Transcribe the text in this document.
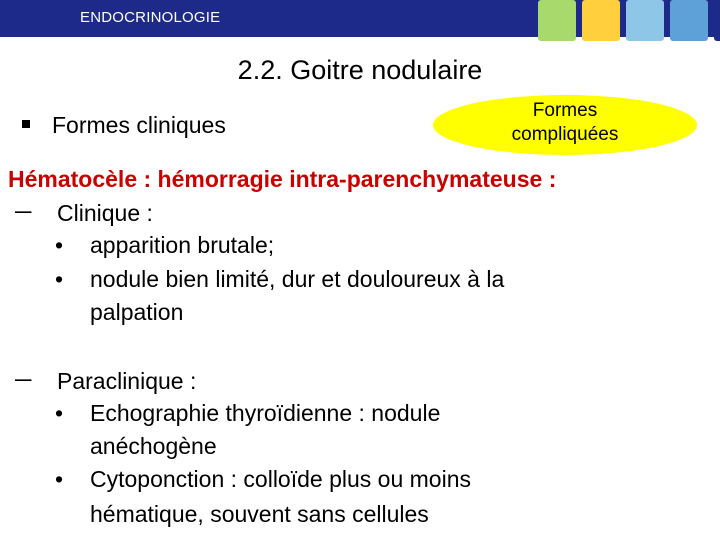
ENDOCRINOLOGIE
2.2. Goitre nodulaire
Formes cliniques
Formes
compliquées
Hématocèle : hémorragie intra-parenchymateuse :
─ Clinique :
• apparition brutale;
• nodule bien limité, dur et douloureux à la
palpation
─ Paraclinique :
• Echographie thyroïdienne : nodule
anéchogène
• Cytoponction : colloïde plus ou moins
hématique, souvent sans cellules
